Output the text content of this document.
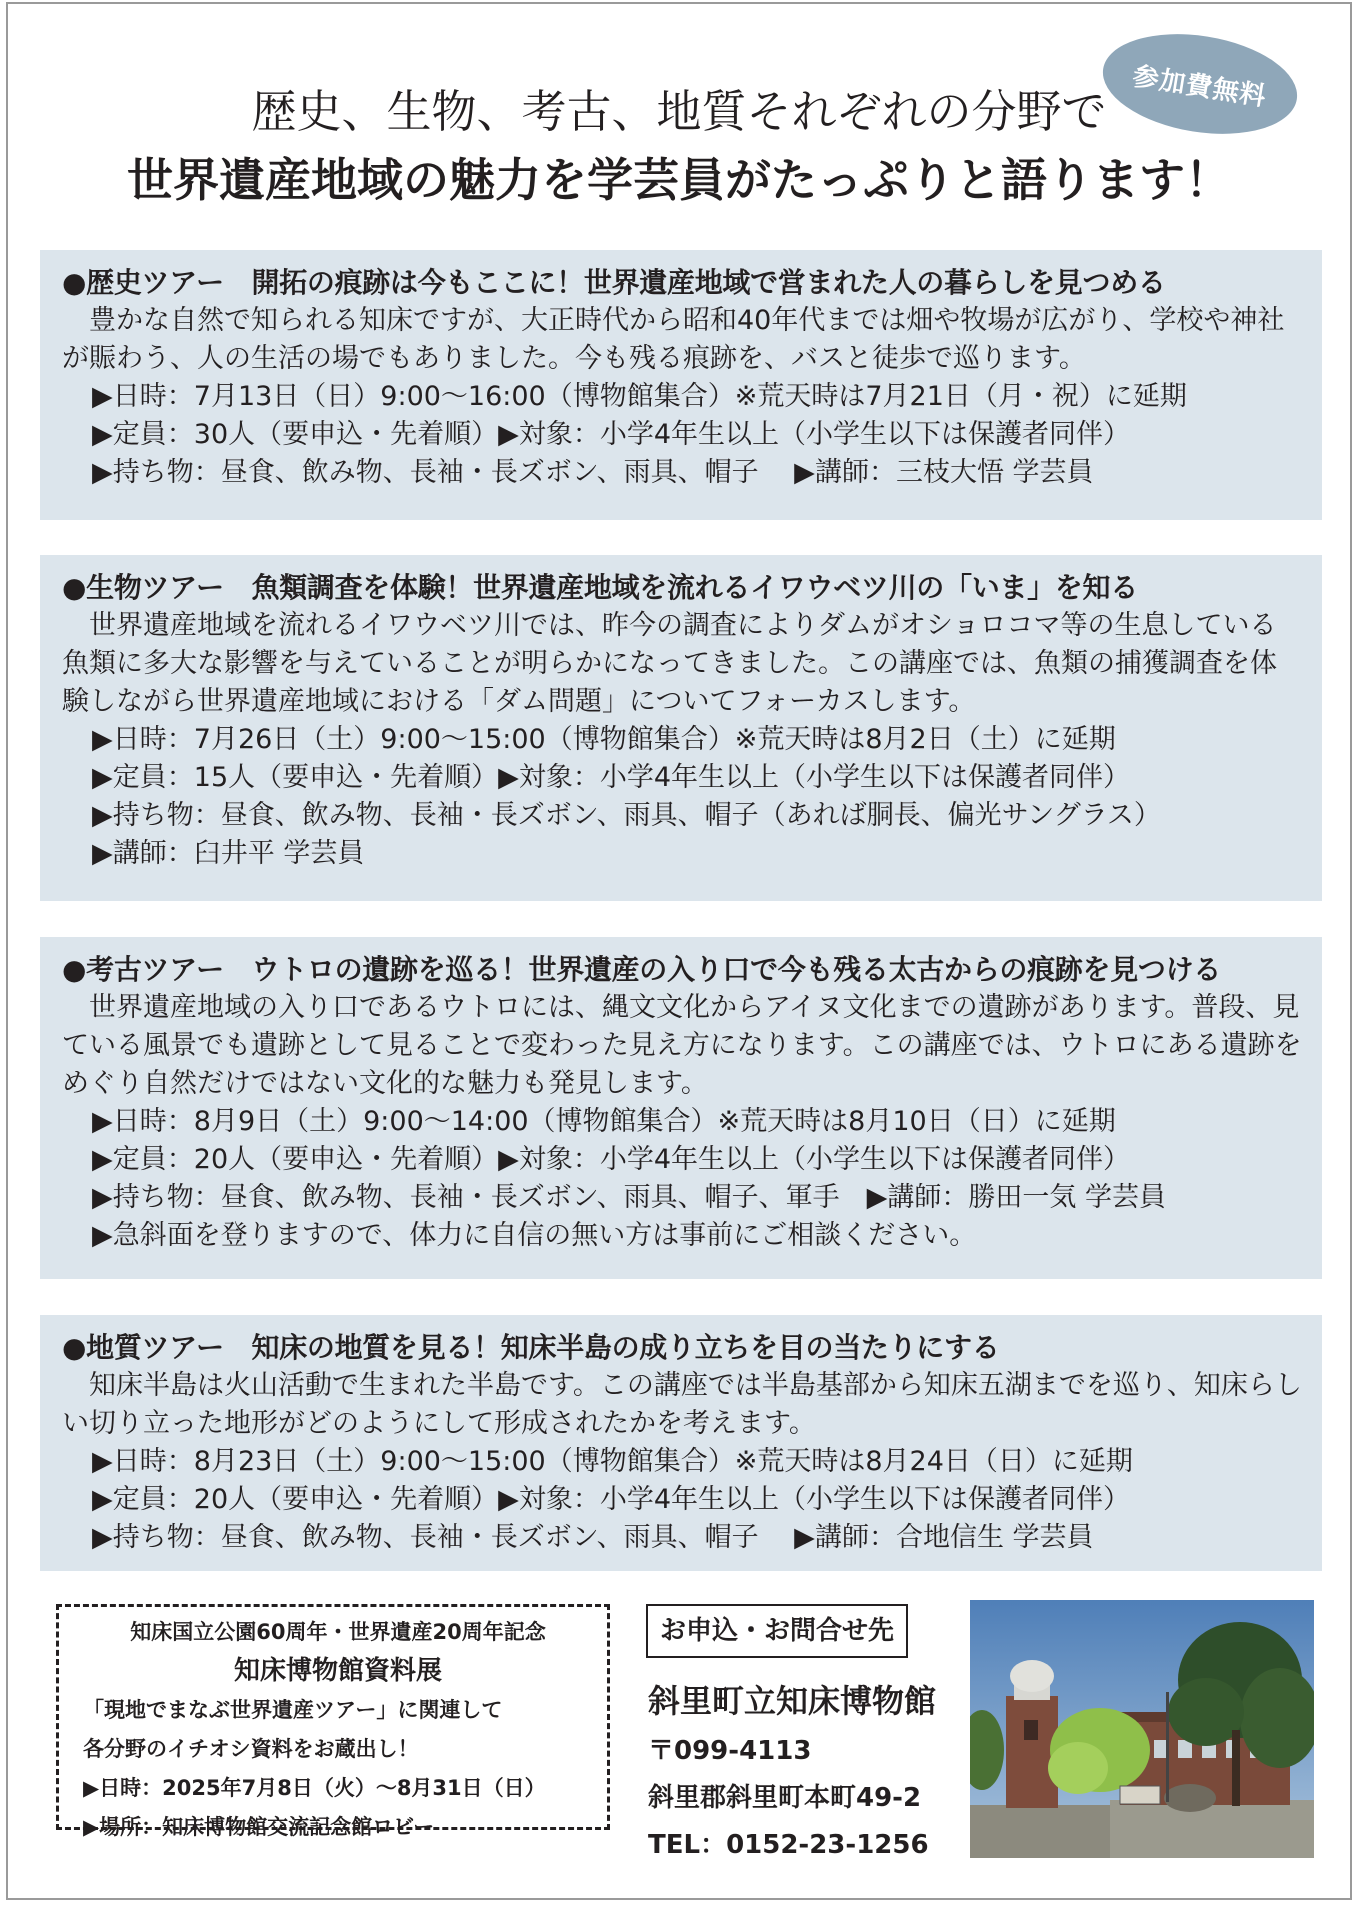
参加費無料
歴史、生物、考古、地質それぞれの分野で
世界遺産地域の魅力を学芸員がたっぷりと語ります！
●歴史ツアー　開拓の痕跡は今もここに！世界遺産地域で営まれた人の暮らしを見つめる
豊かな自然で知られる知床ですが、大正時代から昭和40年代までは畑や牧場が広がり、学校や神社が賑わう、人の生活の場でもありました。今も残る痕跡を、バスと徒歩で巡ります。
▶日時：7月13日（日）9:00〜16:00（博物館集合）※荒天時は7月21日（月・祝）に延期
▶定員：30人（要申込・先着順）▶対象：小学4年生以上（小学生以下は保護者同伴）
▶持ち物：昼食、飲み物、長袖・長ズボン、雨具、帽子　 ▶講師：三枝大悟 学芸員
●生物ツアー　魚類調査を体験！世界遺産地域を流れるイワウベツ川の「いま」を知る
世界遺産地域を流れるイワウベツ川では、昨今の調査によりダムがオショロコマ等の生息している魚類に多大な影響を与えていることが明らかになってきました。この講座では、魚類の捕獲調査を体験しながら世界遺産地域における「ダム問題」についてフォーカスします。
▶日時：7月26日（土）9:00〜15:00（博物館集合）※荒天時は8月2日（土）に延期
▶定員：15人（要申込・先着順）▶対象：小学4年生以上（小学生以下は保護者同伴）
▶持ち物：昼食、飲み物、長袖・長ズボン、雨具、帽子（あれば胴長、偏光サングラス）
▶講師：臼井平 学芸員
●考古ツアー　ウトロの遺跡を巡る！世界遺産の入り口で今も残る太古からの痕跡を見つける
世界遺産地域の入り口であるウトロには、縄文文化からアイヌ文化までの遺跡があります。普段、見ている風景でも遺跡として見ることで変わった見え方になります。この講座では、ウトロにある遺跡をめぐり自然だけではない文化的な魅力も発見します。
▶日時：8月9日（土）9:00〜14:00（博物館集合）※荒天時は8月10日（日）に延期
▶定員：20人（要申込・先着順）▶対象：小学4年生以上（小学生以下は保護者同伴）
▶持ち物：昼食、飲み物、長袖・長ズボン、雨具、帽子、軍手　▶講師：勝田一気 学芸員
▶急斜面を登りますので、体力に自信の無い方は事前にご相談ください。
●地質ツアー　知床の地質を見る！知床半島の成り立ちを目の当たりにする
知床半島は火山活動で生まれた半島です。この講座では半島基部から知床五湖までを巡り、知床らしい切り立った地形がどのようにして形成されたかを考えます。
▶日時：8月23日（土）9:00〜15:00（博物館集合）※荒天時は8月24日（日）に延期
▶定員：20人（要申込・先着順）▶対象：小学4年生以上（小学生以下は保護者同伴）
▶持ち物：昼食、飲み物、長袖・長ズボン、雨具、帽子　 ▶講師：合地信生 学芸員
知床国立公園60周年・世界遺産20周年記念
知床博物館資料展
「現地でまなぶ世界遺産ツアー」に関連して
各分野のイチオシ資料をお蔵出し！
▶日時：2025年7月8日（火）〜8月31日（日）
▶場所：知床博物館交流記念館ロビー
お申込・お問合せ先
斜里町立知床博物館
〒099-4113
斜里郡斜里町本町49-2
TEL：0152-23-1256
